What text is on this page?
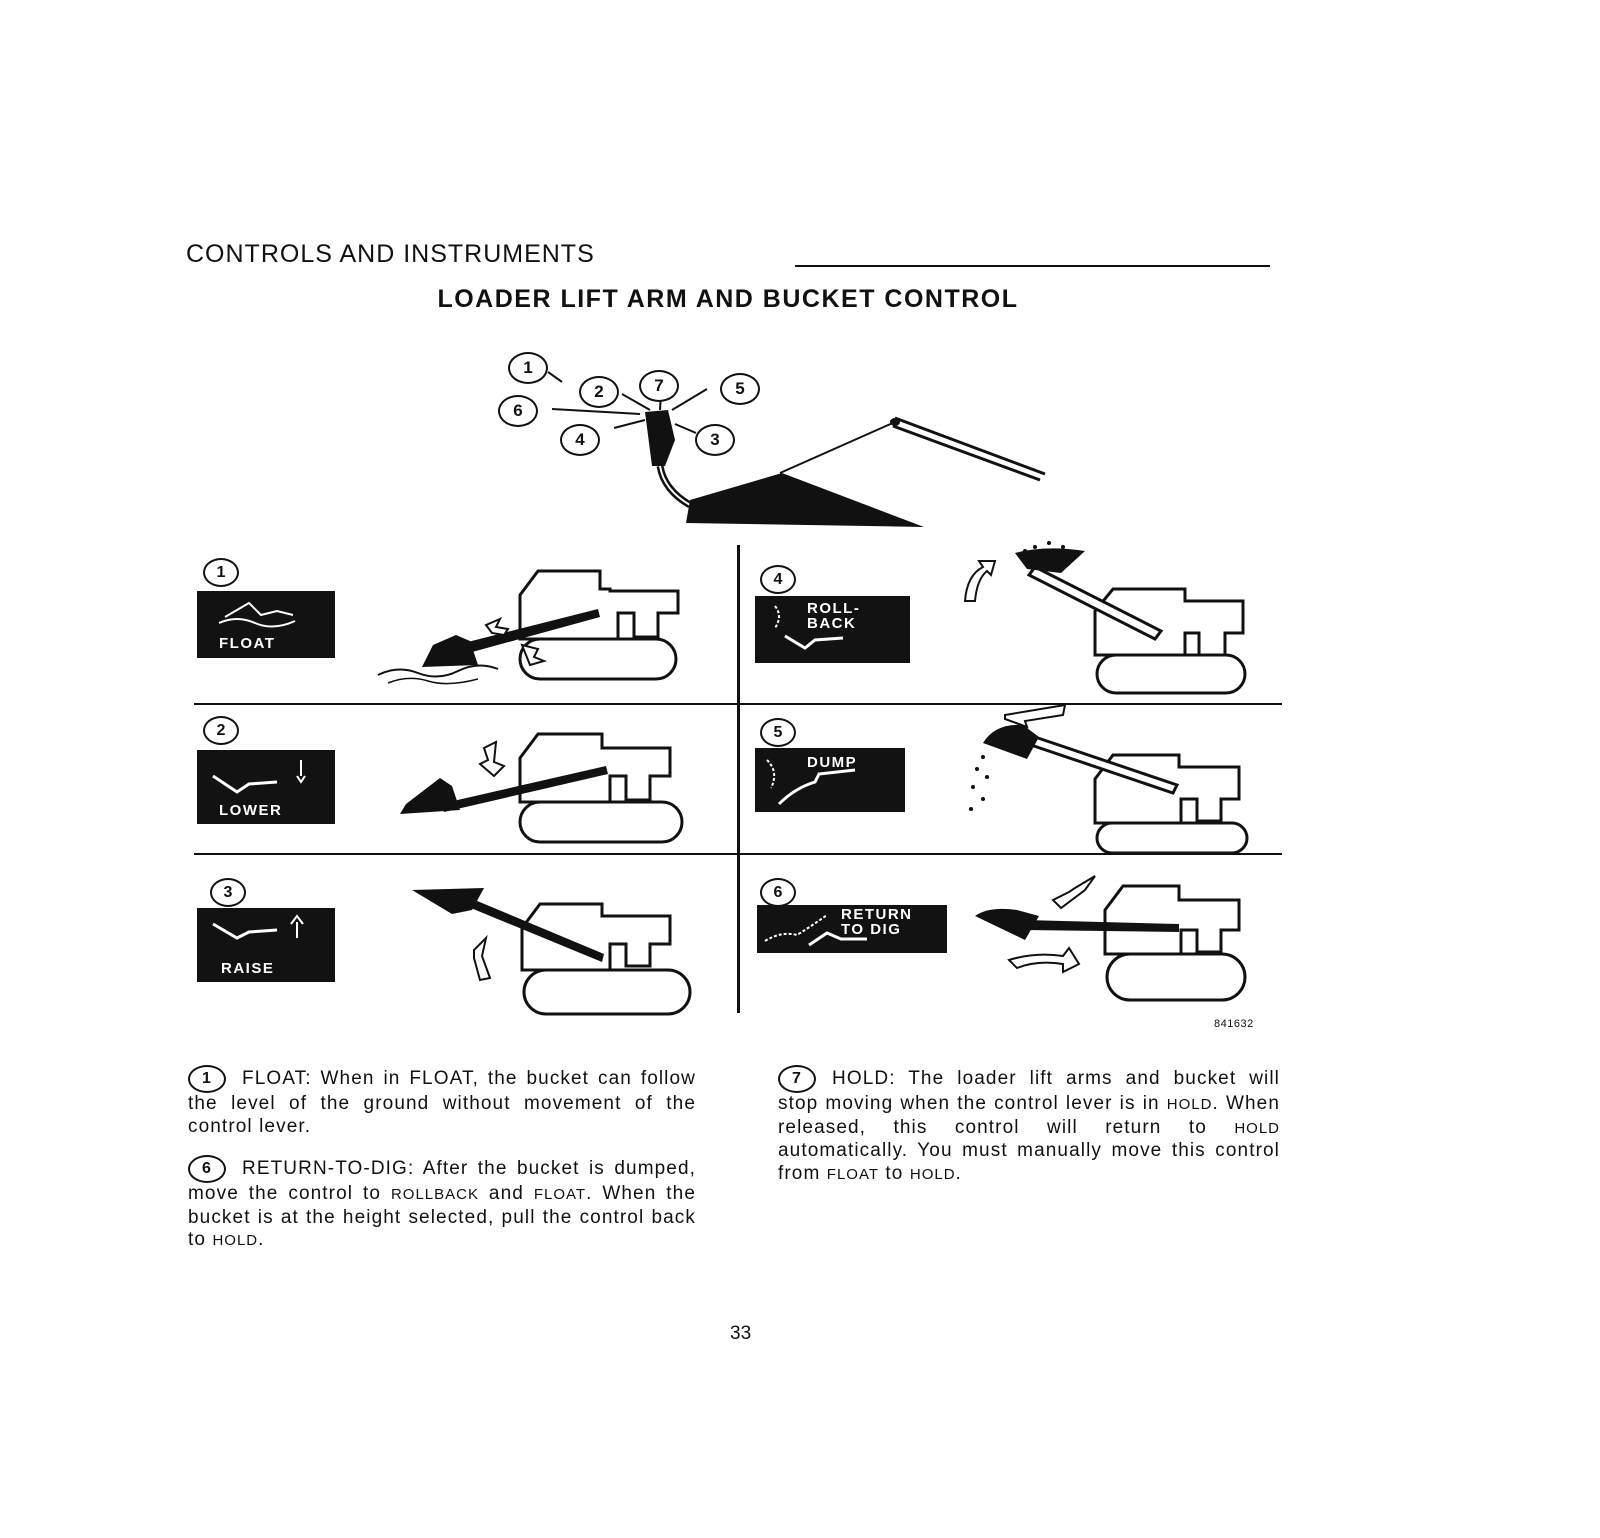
CONTROLS AND INSTRUMENTS
LOADER LIFT ARM AND BUCKET CONTROL
1
2	7	5
6
4	3
1
FLOAT
4
ROLL-
BACK
2
LOWER
5
DUMP
3
RAISE
6
RETURN
TO DIG
841632

1 FLOAT: When in FLOAT, the bucket can follow the level of the ground without movement of the control lever.

6 RETURN-TO-DIG: After the bucket is dumped, move the control to ROLLBACK and FLOAT. When the bucket is at the height selected, pull the control back to HOLD.

7 HOLD: The loader lift arms and bucket will stop moving when the control lever is in HOLD. When released, this control will return to HOLD automatically. You must manually move this control from FLOAT to HOLD.

33
